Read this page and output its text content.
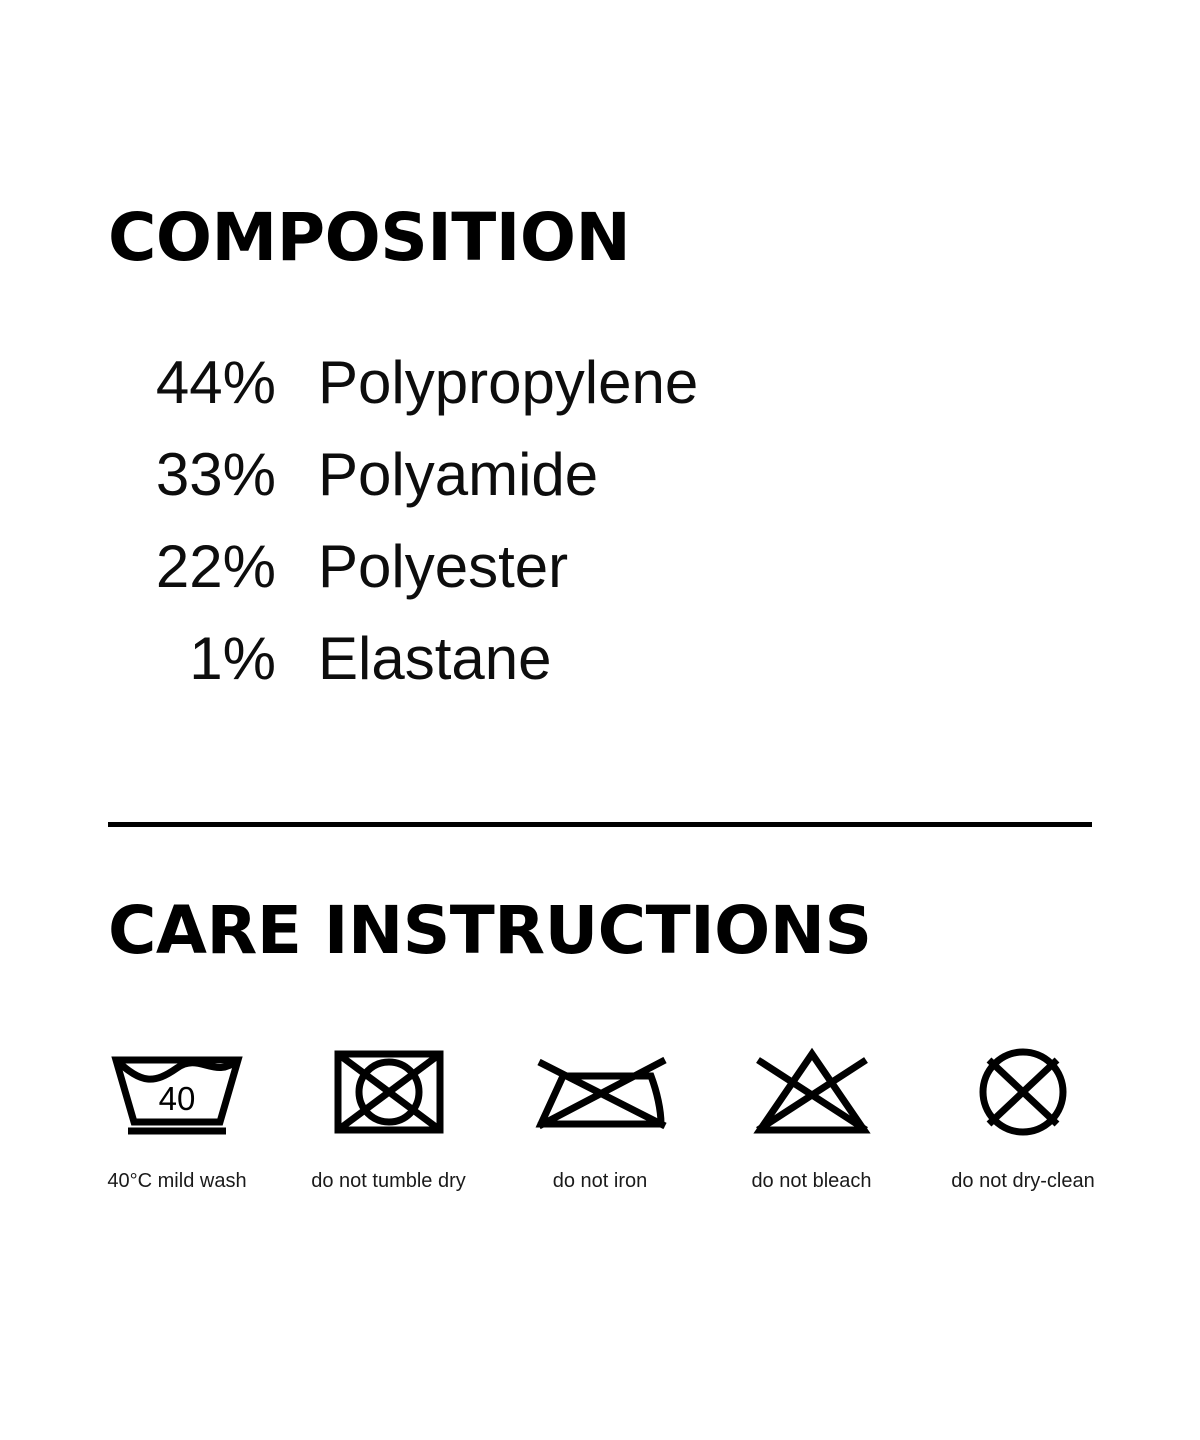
COMPOSITION
44% Polypropylene
33% Polyamide
22% Polyester
1% Elastane
CARE INSTRUCTIONS
40
40°C mild wash	do not tumble dry	do not iron	do not bleach	do not dry-clean
